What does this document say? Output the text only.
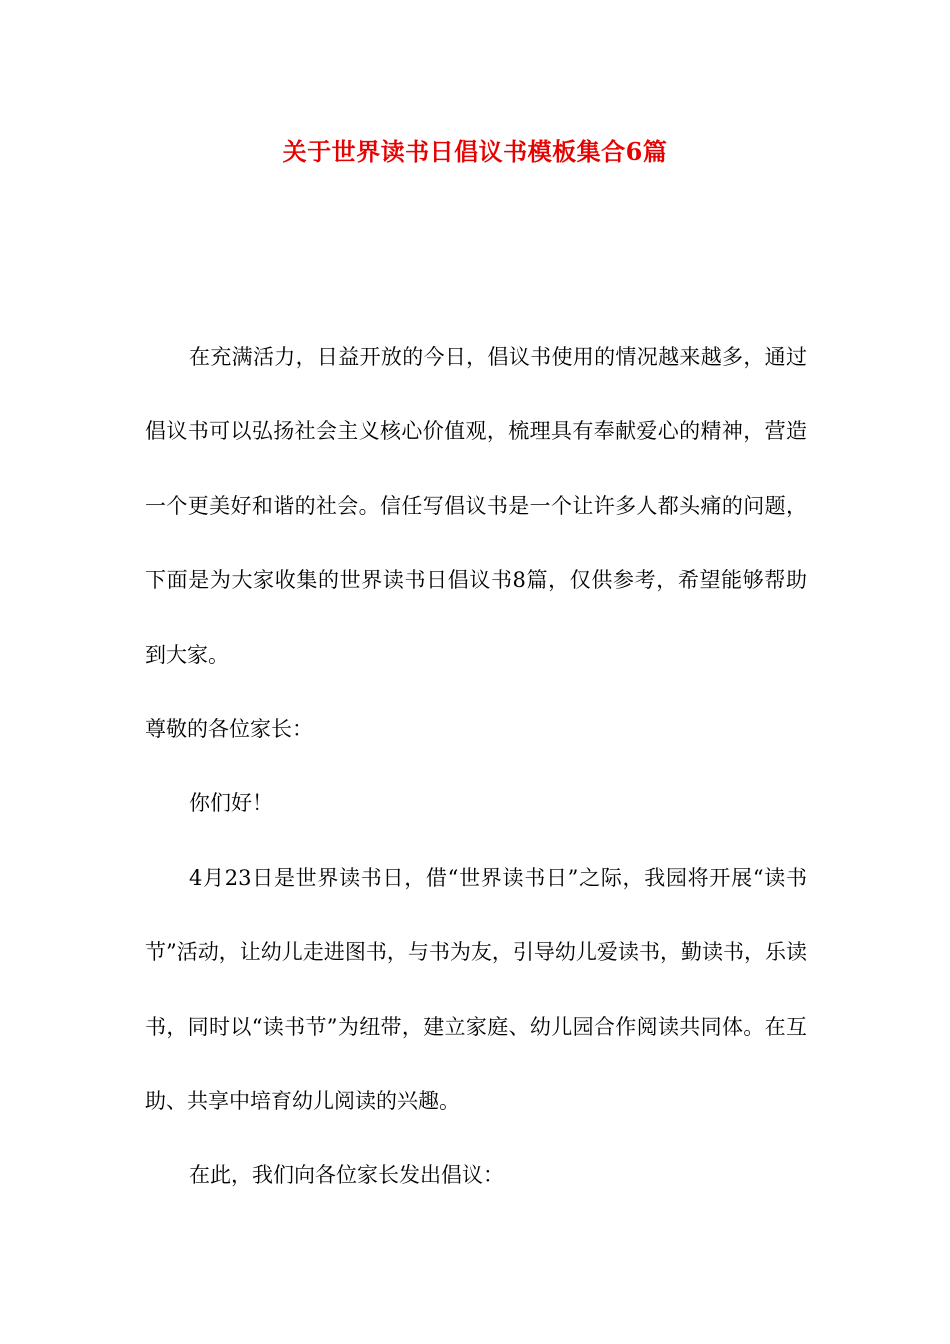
关于世界读书日倡议书模板集合6篇

在充满活力，日益开放的今日，倡议书使用的情况越来越多，通过倡议书可以弘扬社会主义核心价值观，梳理具有奉献爱心的精神，营造一个更美好和谐的社会。信任写倡议书是一个让许多人都头痛的问题，下面是为大家收集的世界读书日倡议书8篇，仅供参考，希望能够帮助到大家。

尊敬的各位家长：

你们好！

4月23日是世界读书日，借“世界读书日”之际，我园将开展“读书节”活动，让幼儿走进图书，与书为友，引导幼儿爱读书，勤读书，乐读书，同时以“读书节”为纽带，建立家庭、幼儿园合作阅读共同体。在互助、共享中培育幼儿阅读的兴趣。

在此，我们向各位家长发出倡议：
